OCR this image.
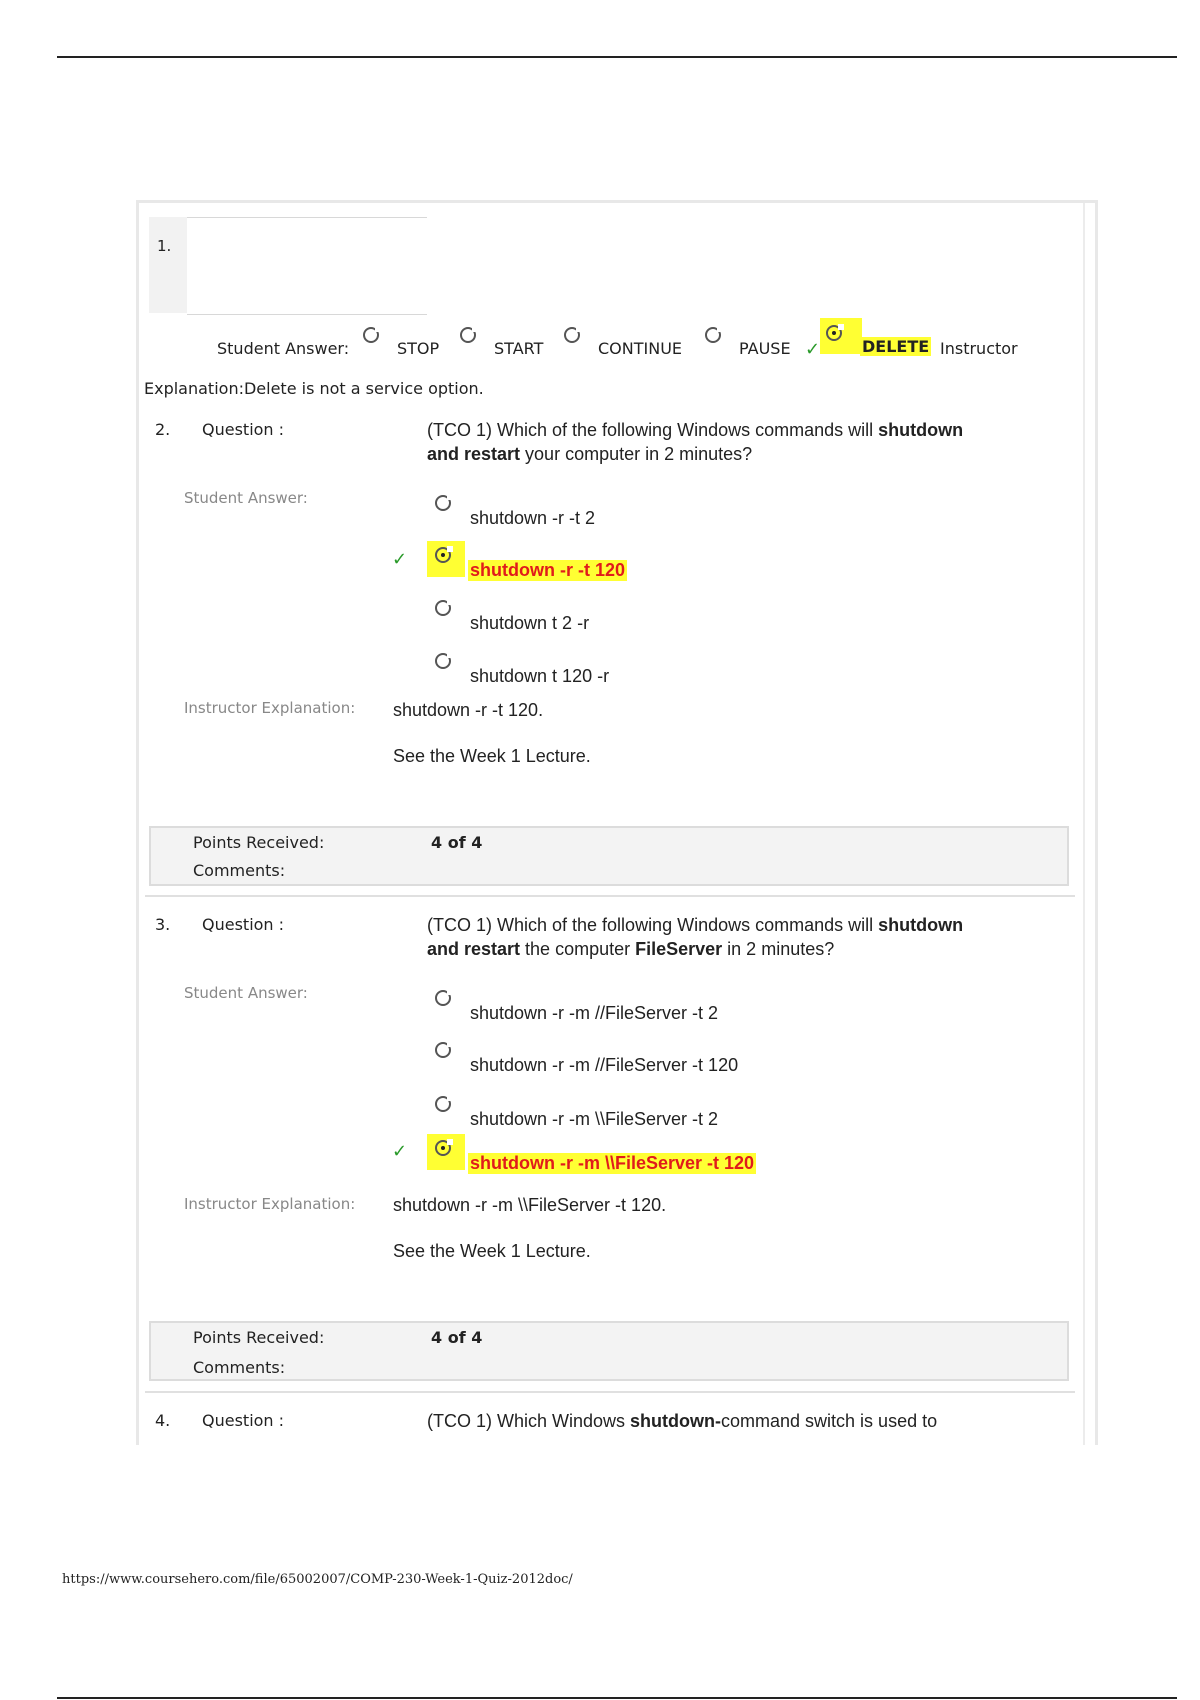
1.
Student Answer:	STOP	START	CONTINUE	PAUSE ✓	DELETE Instructor
Explanation:Delete is not a service option.
2. Question :	(TCO 1) Which of the following Windows commands will shutdown
and restart your computer in 2 minutes?
Student Answer:
shutdown -r -t 2
✓	shutdown -r -t 120
shutdown t 2 -r
shutdown t 120 -r
Instructor Explanation: shutdown -r -t 120.
See the Week 1 Lecture.
Points Received:	4 of 4
Comments:
3. Question :	(TCO 1) Which of the following Windows commands will shutdown
and restart the computer FileServer in 2 minutes?
Student Answer:
shutdown -r -m //FileServer -t 2
shutdown -r -m //FileServer -t 120
shutdown -r -m \\FileServer -t 2
✓
shutdown -r -m \\FileServer -t 120
Instructor Explanation: shutdown -r -m \\FileServer -t 120.
See the Week 1 Lecture.
Points Received:	4 of 4
Comments:
4. Question :	(TCO 1) Which Windows shutdown-command switch is used to
https://www.coursehero.com/file/65002007/COMP-230-Week-1-Quiz-2012doc/
